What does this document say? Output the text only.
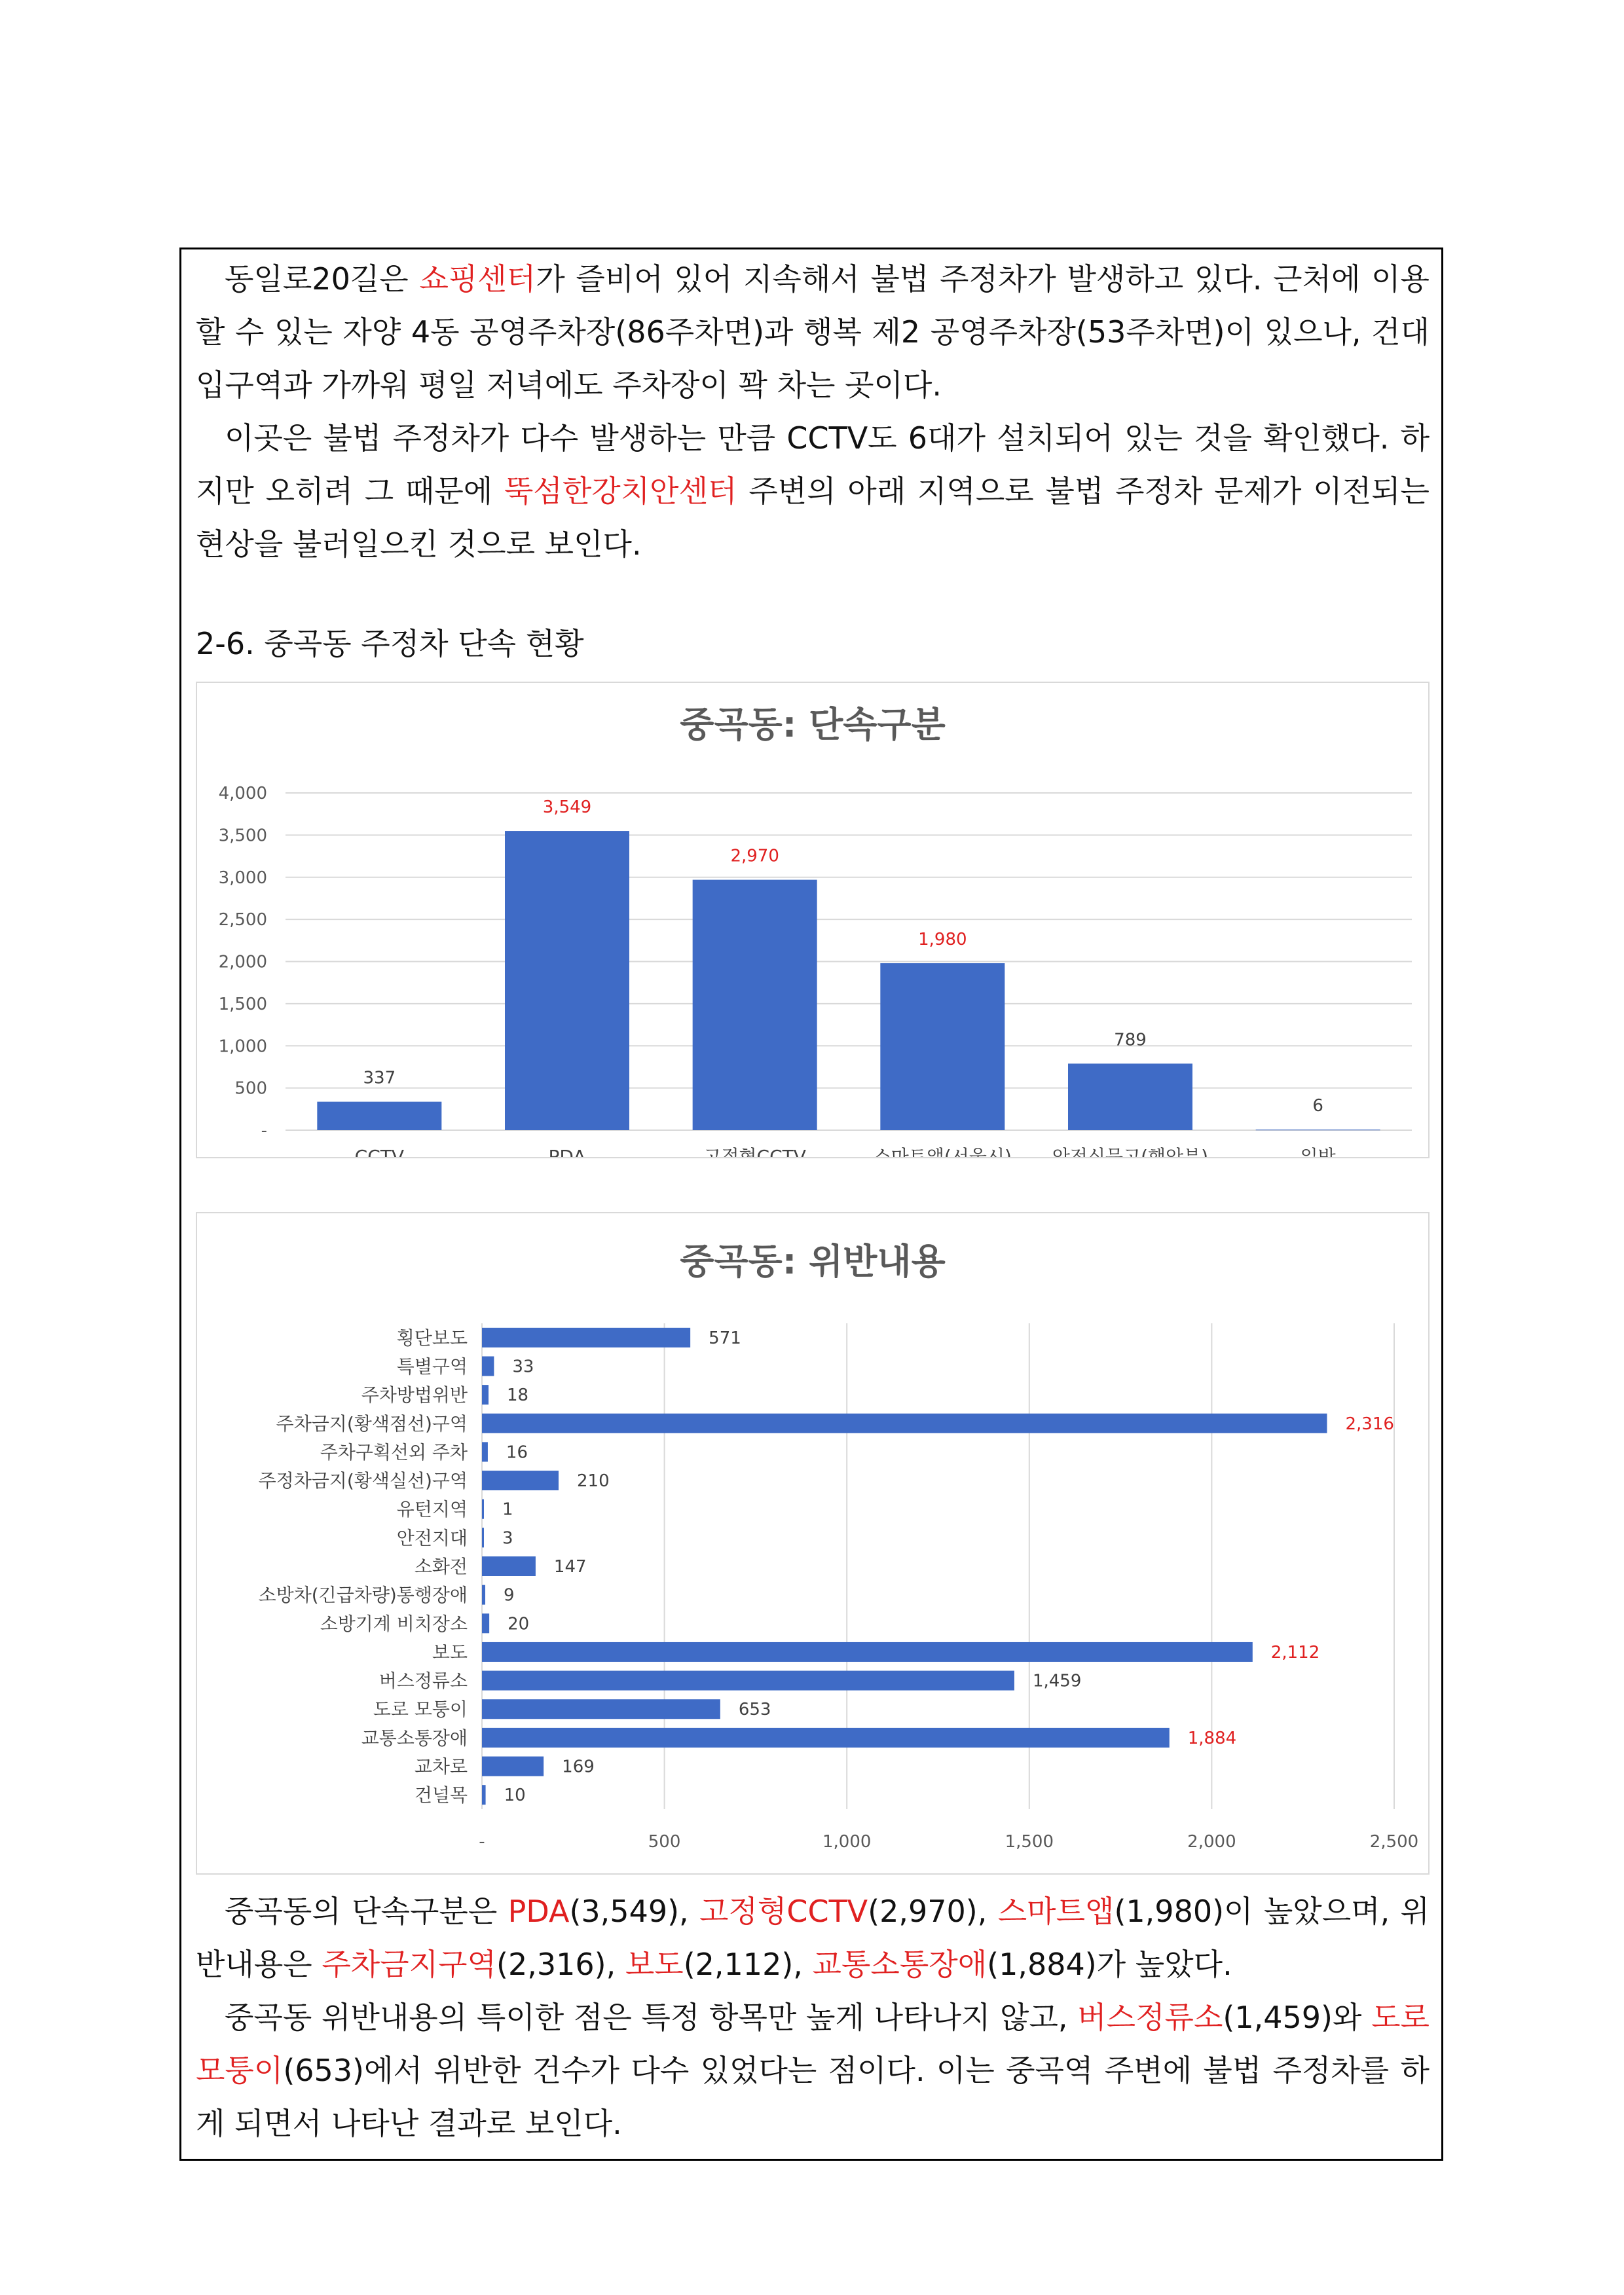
동일로20길은 쇼핑센터가 즐비어 있어 지속해서 불법 주정차가 발생하고 있다. 근처에 이용할 수 있는 자양 4동 공영주차장(86주차면)과 행복 제2 공영주차장(53주차면)이 있으나, 건대입구역과 가까워 평일 저녁에도 주차장이 꽉 차는 곳이다.

이곳은 불법 주정차가 다수 발생하는 만큼 CCTV도 6대가 설치되어 있는 것을 확인했다. 하지만 오히려 그 때문에 뚝섬한강치안센터 주변의 아래 지역으로 불법 주정차 문제가 이전되는 현상을 불러일으킨 것으로 보인다.

2-6. 중곡동 주정차 단속 현황
중곡동: 단속구분
-
500
1,000
1,500
2,000
2,500
3,000
3,500
4,000
337
CCTV
3,549
PDA
2,970
고정형CCTV
1,980
스마트앱(서울시)
789
안전신문고(행안부)
6
일반
중곡동: 위반내용
-	500	1,000	1,500	2,000	2,500
571
횡단보도
33
특별구역
18
주차방법위반
2,316
주차금지(황색점선)구역
16
주차구획선외 주차
210
주정차금지(황색실선)구역
1
유턴지역
3
안전지대
147
소화전
9
소방차(긴급차량)통행장애
20
소방기계 비치장소
2,112
보도
1,459
버스정류소
653
도로 모퉁이
1,884
교통소통장애
169
교차로
10
건널목

중곡동의 단속구분은 PDA(3,549), 고정형CCTV(2,970), 스마트앱(1,980)이 높았으며, 위반내용은 주차금지구역(2,316), 보도(2,112), 교통소통장애(1,884)가 높았다.

중곡동 위반내용의 특이한 점은 특정 항목만 높게 나타나지 않고, 버스정류소(1,459)와 도로모퉁이(653)에서 위반한 건수가 다수 있었다는 점이다. 이는 중곡역 주변에 불법 주정차를 하게 되면서 나타난 결과로 보인다.
